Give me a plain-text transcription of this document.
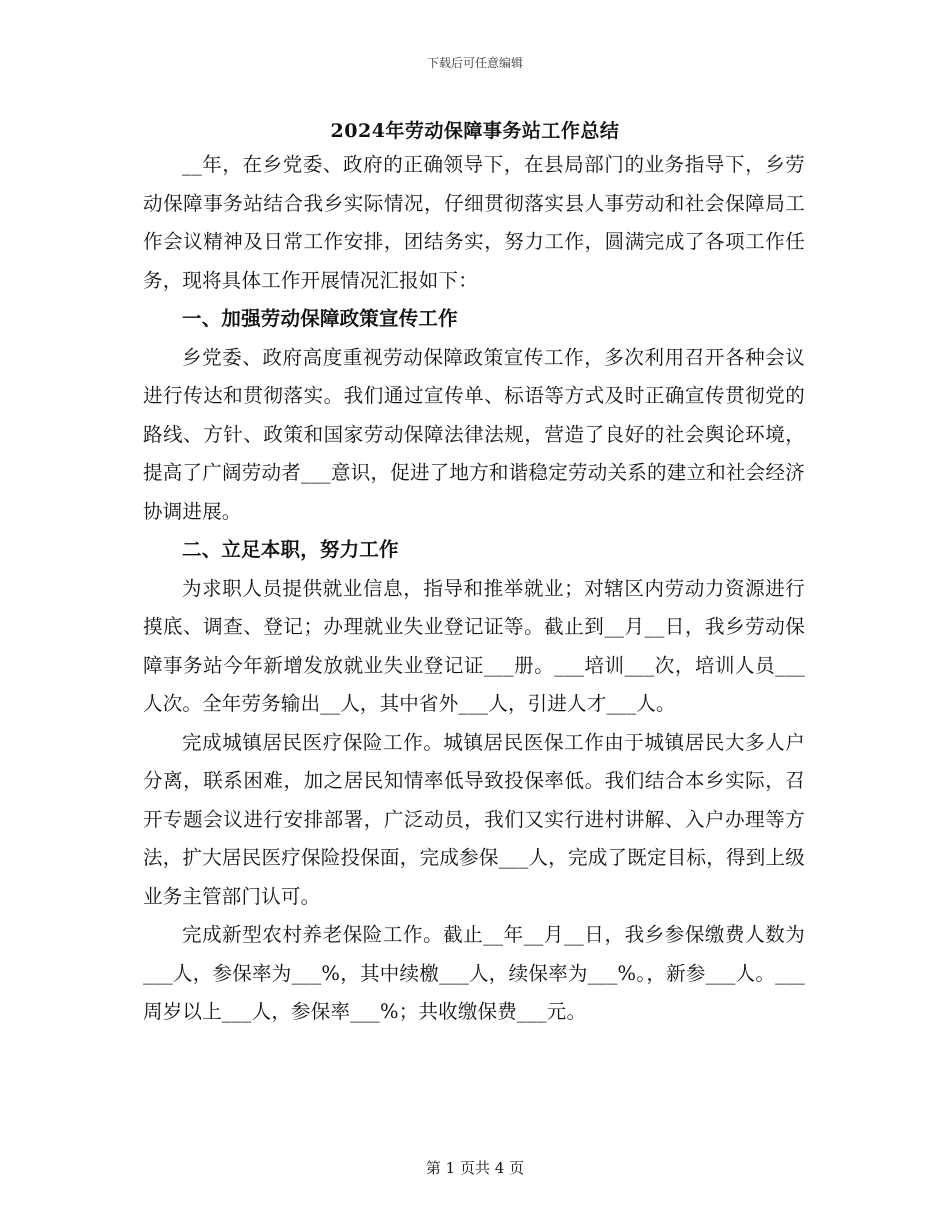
下载后可任意编辑
2024年劳动保障事务站工作总结

__年，在乡党委、政府的正确领导下，在县局部门的业务指导下，乡劳动保障事务站结合我乡实际情况，仔细贯彻落实县人事劳动和社会保障局工作会议精神及日常工作安排，团结务实，努力工作，圆满完成了各项工作任务，现将具体工作开展情况汇报如下：

一、加强劳动保障政策宣传工作

乡党委、政府高度重视劳动保障政策宣传工作，多次利用召开各种会议进行传达和贯彻落实。我们通过宣传单、标语等方式及时正确宣传贯彻党的路线、方针、政策和国家劳动保障法律法规，营造了良好的社会舆论环境，提高了广阔劳动者___意识，促进了地方和谐稳定劳动关系的建立和社会经济协调进展。

二、立足本职，努力工作

为求职人员提供就业信息，指导和推举就业；对辖区内劳动力资源进行摸底、调查、登记；办理就业失业登记证等。截止到__月__日，我乡劳动保障事务站今年新增发放就业失业登记证___册。___培训___次，培训人员___人次。全年劳务输出__人，其中省外___人，引进人才___人。

完成城镇居民医疗保险工作。城镇居民医保工作由于城镇居民大多人户分离，联系困难，加之居民知情率低导致投保率低。我们结合本乡实际，召开专题会议进行安排部署，广泛动员，我们又实行进村讲解、入户办理等方法，扩大居民医疗保险投保面，完成参保___人，完成了既定目标，得到上级业务主管部门认可。

完成新型农村养老保险工作。截止__年__月__日，我乡参保缴费人数为___人，参保率为___%，其中续檄___人，续保率为___%。，新参___人。___周岁以上___人，参保率___%；共收缴保费___元。

第 1 页共 4 页
